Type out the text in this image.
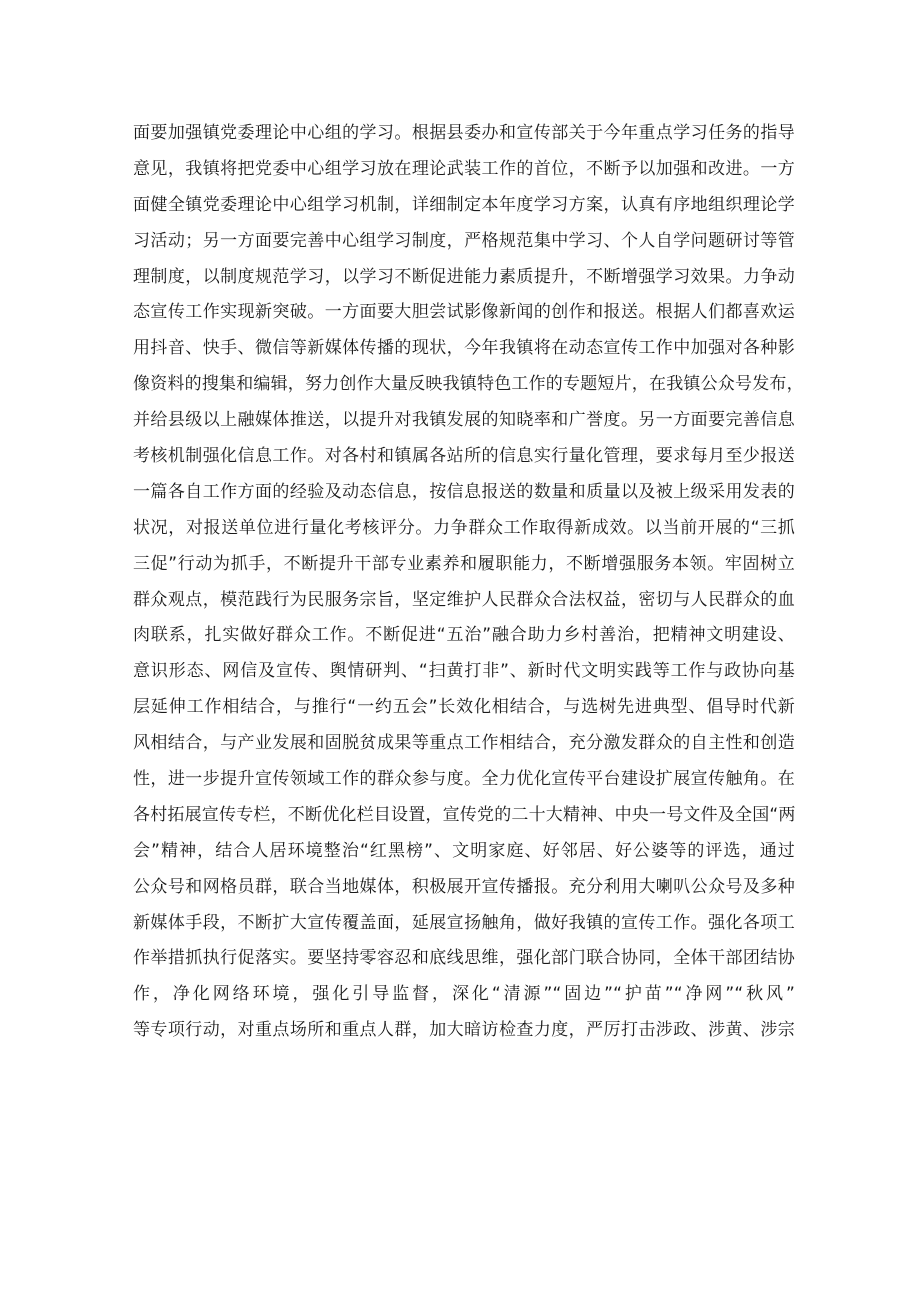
面要加强镇党委理论中心组的学习。根据县委办和宣传部关于今年重点学习任务的指导
意见，我镇将把党委中心组学习放在理论武装工作的首位，不断予以加强和改进。一方
面健全镇党委理论中心组学习机制，详细制定本年度学习方案，认真有序地组织理论学
习活动；另一方面要完善中心组学习制度，严格规范集中学习、个人自学问题研讨等管
理制度，以制度规范学习，以学习不断促进能力素质提升，不断增强学习效果。力争动
态宣传工作实现新突破。一方面要大胆尝试影像新闻的创作和报送。根据人们都喜欢运
用抖音、快手、微信等新媒体传播的现状，今年我镇将在动态宣传工作中加强对各种影
像资料的搜集和编辑，努力创作大量反映我镇特色工作的专题短片，在我镇公众号发布，
并给县级以上融媒体推送，以提升对我镇发展的知晓率和广誉度。另一方面要完善信息
考核机制强化信息工作。对各村和镇属各站所的信息实行量化管理，要求每月至少报送
一篇各自工作方面的经验及动态信息，按信息报送的数量和质量以及被上级采用发表的
状况，对报送单位进行量化考核评分。力争群众工作取得新成效。以当前开展的“三抓
三促”行动为抓手，不断提升干部专业素养和履职能力，不断增强服务本领。牢固树立
群众观点，模范践行为民服务宗旨，坚定维护人民群众合法权益，密切与人民群众的血
肉联系，扎实做好群众工作。不断促进“五治”融合助力乡村善治，把精神文明建设、
意识形态、网信及宣传、舆情研判、“扫黄打非”、新时代文明实践等工作与政协向基
层延伸工作相结合，与推行“一约五会”长效化相结合，与选树先进典型、倡导时代新
风相结合，与产业发展和固脱贫成果等重点工作相结合，充分激发群众的自主性和创造
性，进一步提升宣传领域工作的群众参与度。全力优化宣传平台建设扩展宣传触角。在
各村拓展宣传专栏，不断优化栏目设置，宣传党的二十大精神、中央一号文件及全国“两
会”精神，结合人居环境整治“红黑榜”、文明家庭、好邻居、好公婆等的评选，通过
公众号和网格员群，联合当地媒体，积极展开宣传播报。充分利用大喇叭公众号及多种
新媒体手段，不断扩大宣传覆盖面，延展宣扬触角，做好我镇的宣传工作。强化各项工
作举措抓执行促落实。要坚持零容忍和底线思维，强化部门联合协同，全体干部团结协
作，净化网络环境，强化引导监督，深化“清源”“固边”“护苗”“净网”“秋风”
等专项行动，对重点场所和重点人群，加大暗访检查力度，严厉打击涉政、涉黄、涉宗
